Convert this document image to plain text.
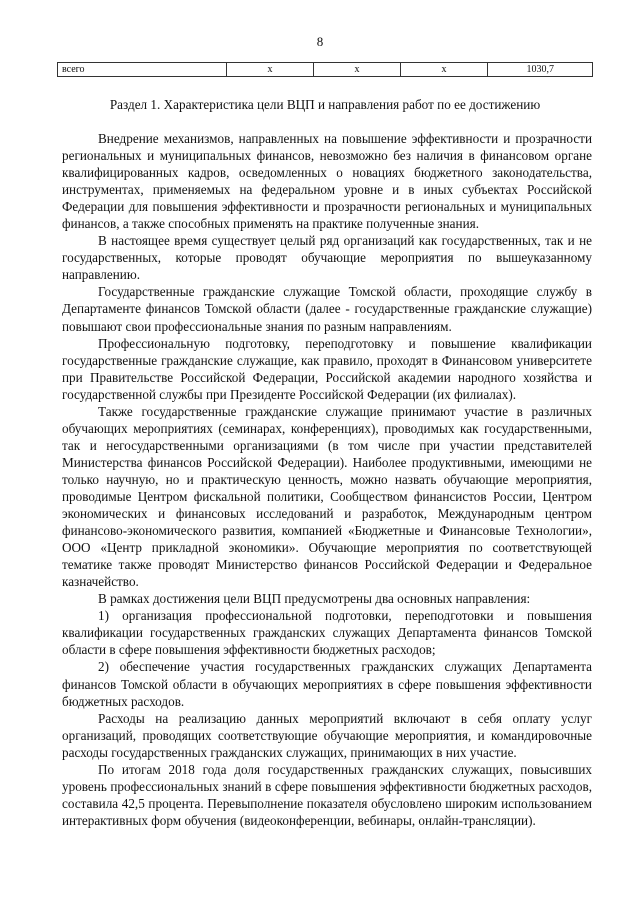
8
всего	x	x	x	1030,7
Раздел 1. Характеристика цели ВЦП и направления работ по ее достижению

Внедрение механизмов, направленных на повышение эффективности и прозрачности региональных и муниципальных финансов, невозможно без наличия в финансовом органе квалифицированных кадров, осведомленных о новациях бюджетного законодательства, инструментах, применяемых на федеральном уровне и в иных субъектах Российской Федерации для повышения эффективности и прозрачности региональных и муниципальных финансов, а также способных применять на практике полученные знания.

В настоящее время существует целый ряд организаций как государственных, так и не государственных, которые проводят обучающие мероприятия по вышеуказанному направлению.

Государственные гражданские служащие Томской области, проходящие службу в Департаменте финансов Томской области (далее - государственные гражданские служащие) повышают свои профессиональные знания по разным направлениям.

Профессиональную подготовку, переподготовку и повышение квалификации государственные гражданские служащие, как правило, проходят в Финансовом университете при Правительстве Российской Федерации, Российской академии народного хозяйства и государственной службы при Президенте Российской Федерации (их филиалах).

Также государственные гражданские служащие принимают участие в различных обучающих мероприятиях (семинарах, конференциях), проводимых как государственными, так и негосударственными организациями (в том числе при участии представителей Министерства финансов Российской Федерации). Наиболее продуктивными, имеющими не только научную, но и практическую ценность, можно назвать обучающие мероприятия, проводимые Центром фискальной политики, Сообществом финансистов России, Центром экономических и финансовых исследований и разработок, Международным центром финансово-экономического развития, компанией «Бюджетные и Финансовые Технологии», ООО «Центр прикладной экономики». Обучающие мероприятия по соответствующей тематике также проводят Министерство финансов Российской Федерации и Федеральное казначейство.

В рамках достижения цели ВЦП предусмотрены два основных направления:

1) организация профессиональной подготовки, переподготовки и повышения квалификации государственных гражданских служащих Департамента финансов Томской области в сфере повышения эффективности бюджетных расходов;

2) обеспечение участия государственных гражданских служащих Департамента финансов Томской области в обучающих мероприятиях в сфере повышения эффективности бюджетных расходов.

Расходы на реализацию данных мероприятий включают в себя оплату услуг организаций, проводящих соответствующие обучающие мероприятия, и командировочные расходы государственных гражданских служащих, принимающих в них участие.

По итогам 2018 года доля государственных гражданских служащих, повысивших уровень профессиональных знаний в сфере повышения эффективности бюджетных расходов, составила 42,5 процента. Перевыполнение показателя обусловлено широким использованием интерактивных форм обучения (видеоконференции, вебинары, онлайн-трансляции).
